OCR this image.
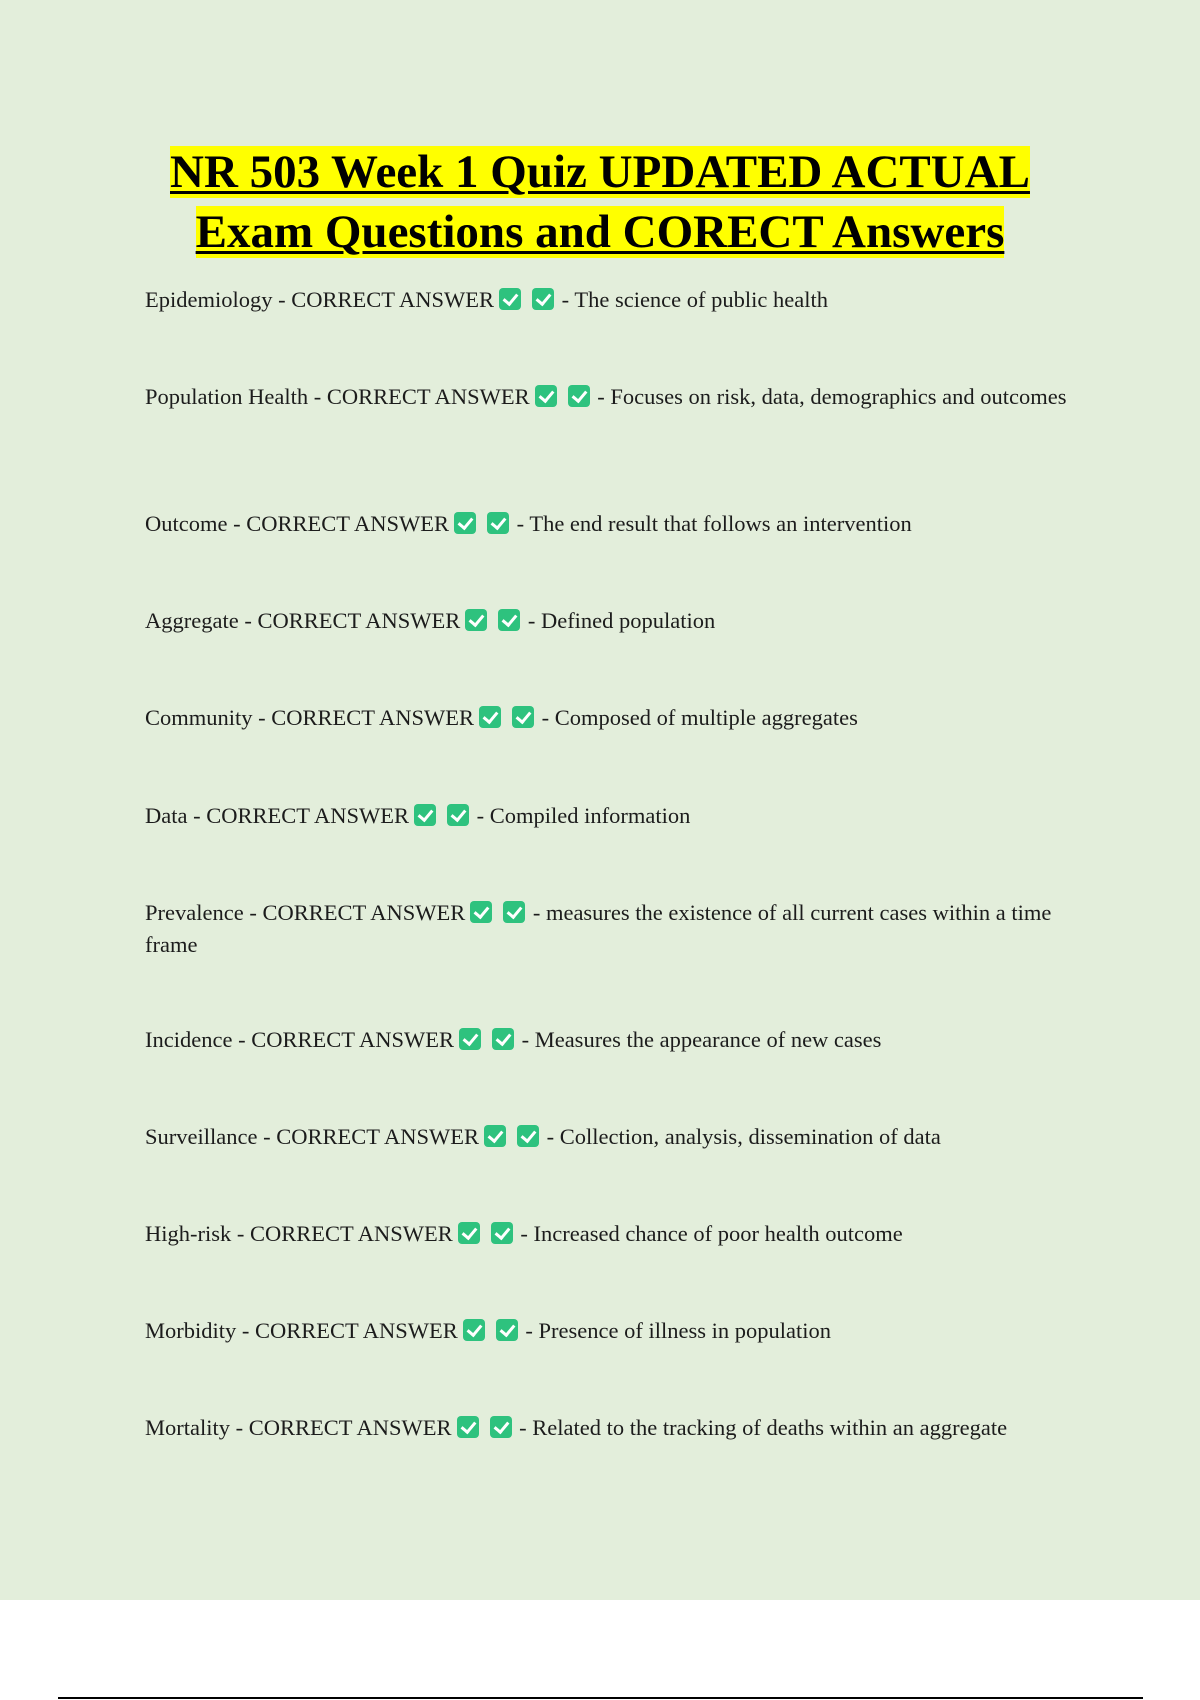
NR 503 Week 1 Quiz UPDATED ACTUAL
Exam Questions and CORECT Answers

Epidemiology - CORRECT ANSWER	- The science of public health

Population Health - CORRECT ANSWER	- Focuses on risk, data, demographics and outcomes

Outcome - CORRECT ANSWER	- The end result that follows an intervention

Aggregate - CORRECT ANSWER	- Defined population

Community - CORRECT ANSWER	- Composed of multiple aggregates

Data - CORRECT ANSWER	- Compiled information

Prevalence - CORRECT ANSWER	- measures the existence of all current cases within a time frame

Incidence - CORRECT ANSWER	- Measures the appearance of new cases

Surveillance - CORRECT ANSWER	- Collection, analysis, dissemination of data

High-risk - CORRECT ANSWER	- Increased chance of poor health outcome

Morbidity - CORRECT ANSWER	- Presence of illness in population

Mortality - CORRECT ANSWER	- Related to the tracking of deaths within an aggregate
